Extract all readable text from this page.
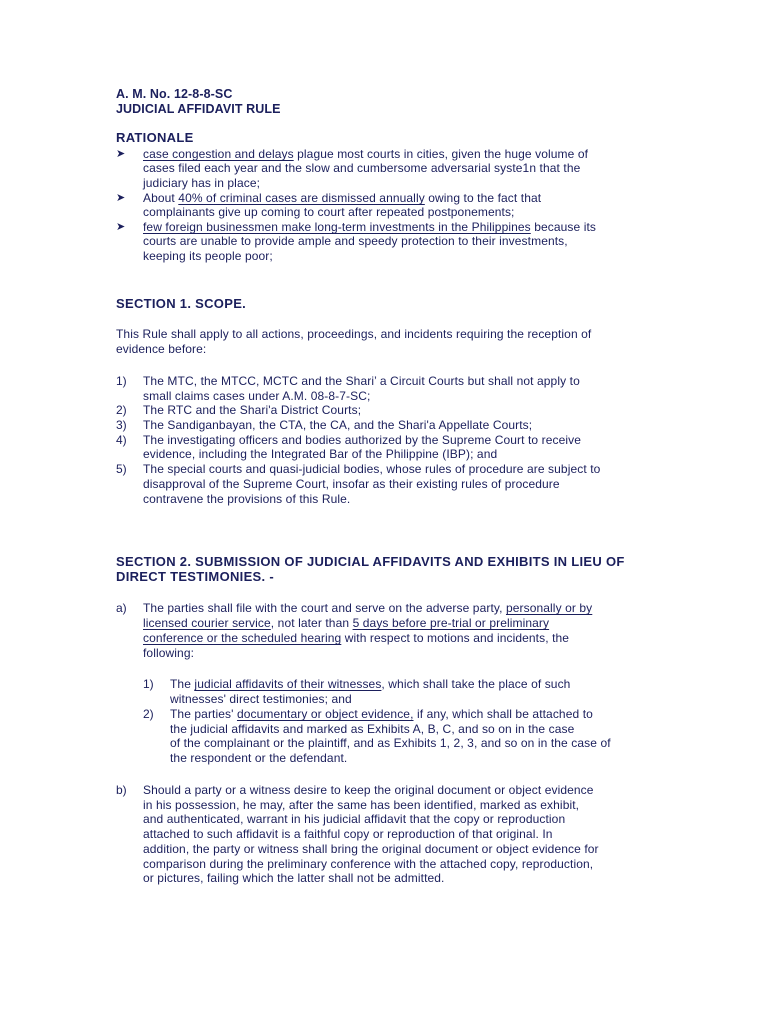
A. M. No. 12-8-8-SC
JUDICIAL AFFIDAVIT RULE
RATIONALE
➤ case congestion and delays plague most courts in cities, given the huge volume of
cases filed each year and the slow and cumbersome adversarial syste1n that the
judiciary has in place;
➤ About 40% of criminal cases are dismissed annually owing to the fact that
complainants give up coming to court after repeated postponements;
➤ few foreign businessmen make long-term investments in the Philippines because its
courts are unable to provide ample and speedy protection to their investments,
keeping its people poor;
SECTION 1. SCOPE.
This Rule shall apply to all actions, proceedings, and incidents requiring the reception of
evidence before:
1) The MTC, the MTCC, MCTC and the Shari’ a Circuit Courts but shall not apply to
small claims cases under A.M. 08-8-7-SC;
2) The RTC and the Shari'a District Courts;
3) The Sandiganbayan, the CTA, the CA, and the Shari'a Appellate Courts;
4) The investigating officers and bodies authorized by the Supreme Court to receive
evidence, including the Integrated Bar of the Philippine (IBP); and
5) The special courts and quasi-judicial bodies, whose rules of procedure are subject to
disapproval of the Supreme Court, insofar as their existing rules of procedure
contravene the provisions of this Rule.
SECTION 2. SUBMISSION OF JUDICIAL AFFIDAVITS AND EXHIBITS IN LIEU OF
DIRECT TESTIMONIES. -
a) The parties shall file with the court and serve on the adverse party, personally or by
licensed courier service, not later than 5 days before pre-trial or preliminary
conference or the scheduled hearing with respect to motions and incidents, the
following:
1) The judicial affidavits of their witnesses, which shall take the place of such
witnesses' direct testimonies; and
2) The parties' documentary or object evidence, if any, which shall be attached to
the judicial affidavits and marked as Exhibits A, B, C, and so on in the case
of the complainant or the plaintiff, and as Exhibits 1, 2, 3, and so on in the case of
the respondent or the defendant.
b) Should a party or a witness desire to keep the original document or object evidence
in his possession, he may, after the same has been identified, marked as exhibit,
and authenticated, warrant in his judicial affidavit that the copy or reproduction
attached to such affidavit is a faithful copy or reproduction of that original. In
addition, the party or witness shall bring the original document or object evidence for
comparison during the preliminary conference with the attached copy, reproduction,
or pictures, failing which the latter shall not be admitted.
